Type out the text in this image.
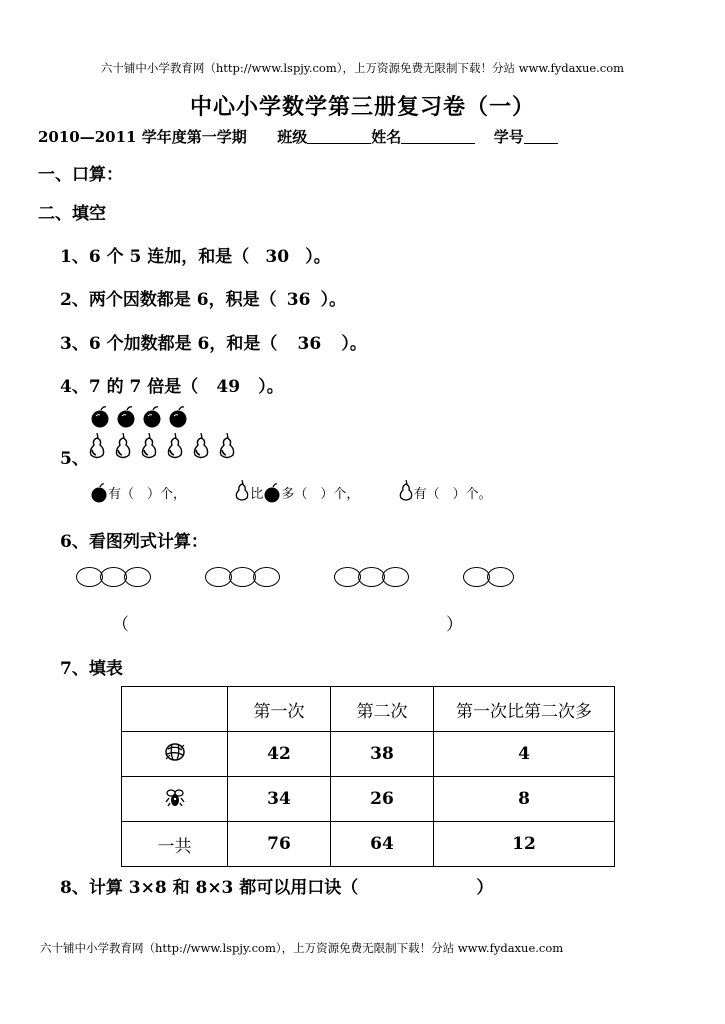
六十铺中小学教育网（http://www.lspjy.com），上万资源免费无限制下载！分站 www.fydaxue.com
中心小学数学第三册复习卷（一）
2010—2011 学年度第一学期 班级	姓名	学号
一、口算：
二、填空
1、6 个 5 连加，和是（ 30 ）。
2、两个因数都是 6，积是（ 36 ）。
3、6 个加数都是 6，和是（ 36 ）。
4、7 的 7 倍是（ 49 ）。
5、
有（　）个，	比 多（　）个，	有（　）个。
6、看图列式计算：

（	）
7、填表
	第一次	第二次	第一次比第二次多
	42	38	4
	34	26	8
一共	76	64	12
8、计算 3×8 和 8×3 都可以用口诀（	）
六十铺中小学教育网（http://www.lspjy.com），上万资源免费无限制下载！分站 www.fydaxue.com
